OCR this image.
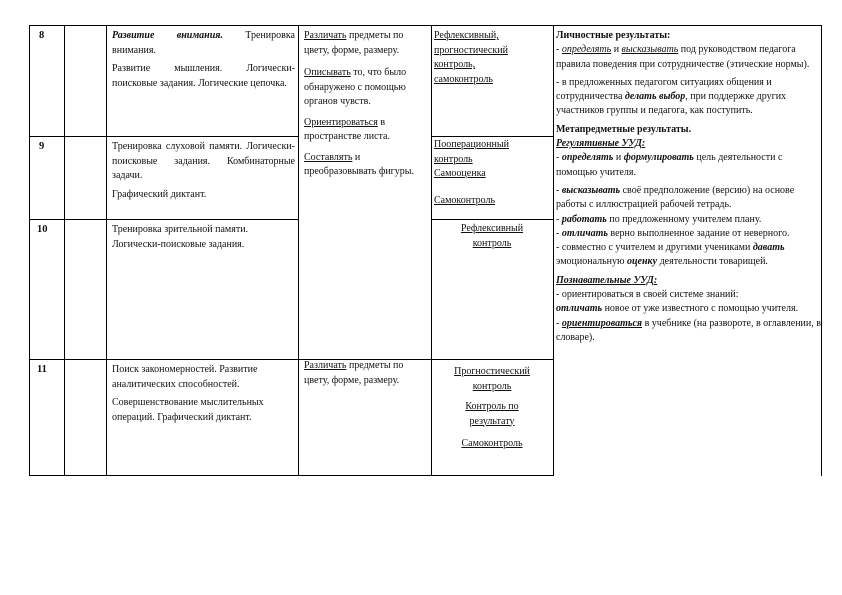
8
9
10
11

Развитие внимания. Тренировка внимания.

Развитие мышления. Логически-поисковые задания. Логические цепочка.

Тренировка слуховой памяти. Логически-поисковые задания. Комбинаторные задачи.

Графический диктант.

Тренировка зрительной памяти. Логически-поисковые задания.

Поиск закономерностей. Развитие аналитических способностей.

Совершенствование мыслительных операций. Графический диктант.

Различать предметы по цвету, форме, размеру.

Описывать то, что было обнаружено с помощью органов чувств.

Ориентироваться в пространстве листа.

Составлять и преобразовывать фигуры.

Различать предметы по цвету, форме, размеру.

Рефлексивный,

прогностический

контроль,

самоконтроль

Пооперационный контроль

Самооценка

Самоконтроль

Рефлексивный

контроль

Прогностический

контроль

Контроль по

результату

Самоконтроль

Личностные результаты:

- определять и высказывать под руководством педагога правила поведения при сотрудничестве (этические нормы).

- в предложенных педагогом ситуациях общения и сотрудничества делать выбор, при поддержке других участников группы и педагога, как поступить.

Метапредметные результаты.

Регулятивные УУД:

- определять и формулировать цель деятельности с помощью учителя.

- высказывать своё предположение (версию) на основе работы с иллюстрацией рабочей тетрадь.

- работать по предложенному учителем плану.

- отличать верно выполненное задание от неверного.

- совместно с учителем и другими учениками давать эмоциональную оценку деятельности товарищей.

Познавательные УУД:

- ориентироваться в своей системе знаний:

отличать новое от уже известного с помощью учителя.

- ориентироваться в учебнике (на развороте, в оглавлении, в словаре).
